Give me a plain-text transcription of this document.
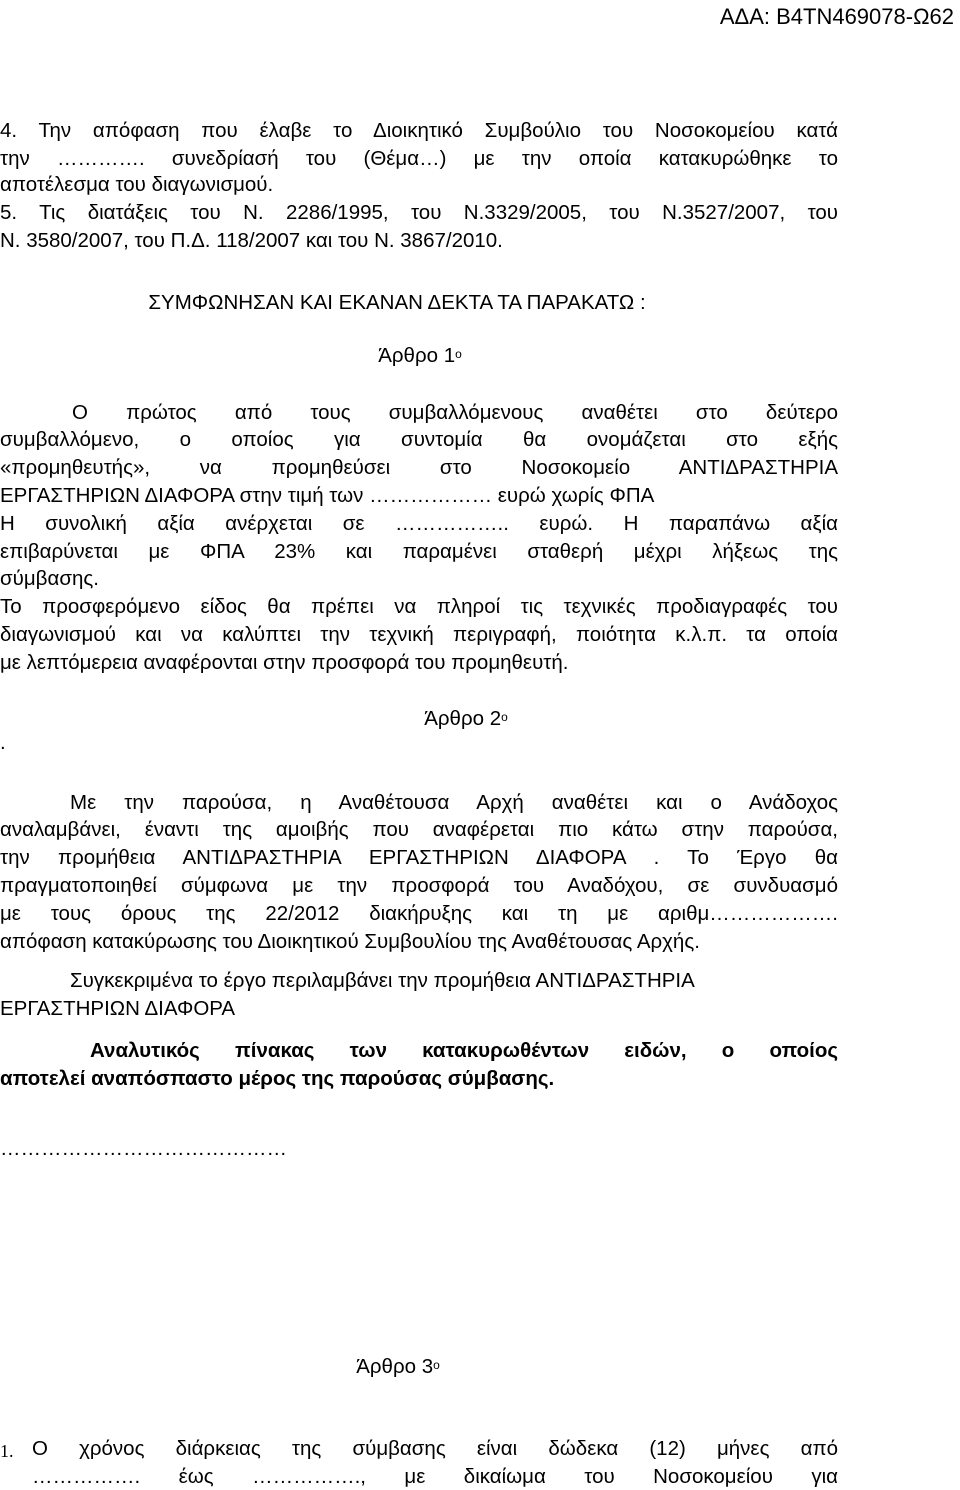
ΑΔΑ: Β4ΤΝ469078-Ω62
4. Την απόφαση που έλαβε το Διοικητικό Συμβούλιο του Νοσοκομείου κατά
την …………. συνεδρίασή του (Θέμα…) με την οποία κατακυρώθηκε το
αποτέλεσμα του διαγωνισμού.
5. Τις διατάξεις του Ν. 2286/1995, του Ν.3329/2005, του Ν.3527/2007, του
Ν. 3580/2007, του Π.Δ. 118/2007 και του Ν. 3867/2010.
ΣΥΜΦΩΝΗΣΑΝ ΚΑΙ ΕΚΑΝΑΝ ΔΕΚΤΑ ΤΑ ΠΑΡΑΚΑΤΩ :
Άρθρο $1^o$
Ο πρώτος από τους συμβαλλόμενους αναθέτει στο δεύτερο
συμβαλλόμενο, ο οποίος για συντομία θα ονομάζεται στο εξής
«προμηθευτής», να προμηθεύσει στο Νοσοκομείο ΑΝΤΙΔΡΑΣΤΗΡΙΑ
ΕΡΓΑΣΤΗΡΙΩΝ ΔΙΑΦΟΡΑ στην τιμή των ……………… ευρώ χωρίς ΦΠΑ
Η συνολική αξία ανέρχεται σε …………….. ευρώ. Η παραπάνω αξία
επιβαρύνεται με ΦΠΑ 23% και παραμένει σταθερή μέχρι λήξεως της
σύμβασης.
Το προσφερόμενο είδος θα πρέπει να πληροί τις τεχνικές προδιαγραφές του
διαγωνισμού και να καλύπτει την τεχνική περιγραφή, ποιότητα κ.λ.π. τα οποία
με λεπτόμερεια αναφέρονται στην προσφορά του προμηθευτή.
.
Άρθρο $2^o$
Με την παρούσα, η Αναθέτουσα Αρχή αναθέτει και ο Ανάδοχος
αναλαμβάνει, έναντι της αμοιβής που αναφέρεται πιο κάτω στην παρούσα,
την προμήθεια ΑΝΤΙΔΡΑΣΤΗΡΙΑ ΕΡΓΑΣΤΗΡΙΩΝ ΔΙΑΦΟΡΑ . Το Έργο θα
πραγματοποιηθεί σύμφωνα με την προσφορά του Αναδόχου, σε συνδυασμό
με τους όρους της 22/2012 διακήρυξης και τη με αριθμ……………….
απόφαση κατακύρωσης του Διοικητικού Συμβουλίου της Αναθέτουσας Αρχής.
Συγκεκριμένα το έργο περιλαμβάνει την προμήθεια ΑΝΤΙΔΡΑΣΤΗΡΙΑ
ΕΡΓΑΣΤΗΡΙΩΝ ΔΙΑΦΟΡΑ
Αναλυτικός πίνακας των κατακυρωθέντων ειδών, ο οποίος
αποτελεί αναπόσπαστο μέρος της παρούσας σύμβασης.
……………………………………
Άρθρο $3^o$
1. Ο χρόνος διάρκειας της σύμβασης είναι δώδεκα (12) μήνες από
……………. έως ……………., με δικαίωμα του Νοσοκομείου για
